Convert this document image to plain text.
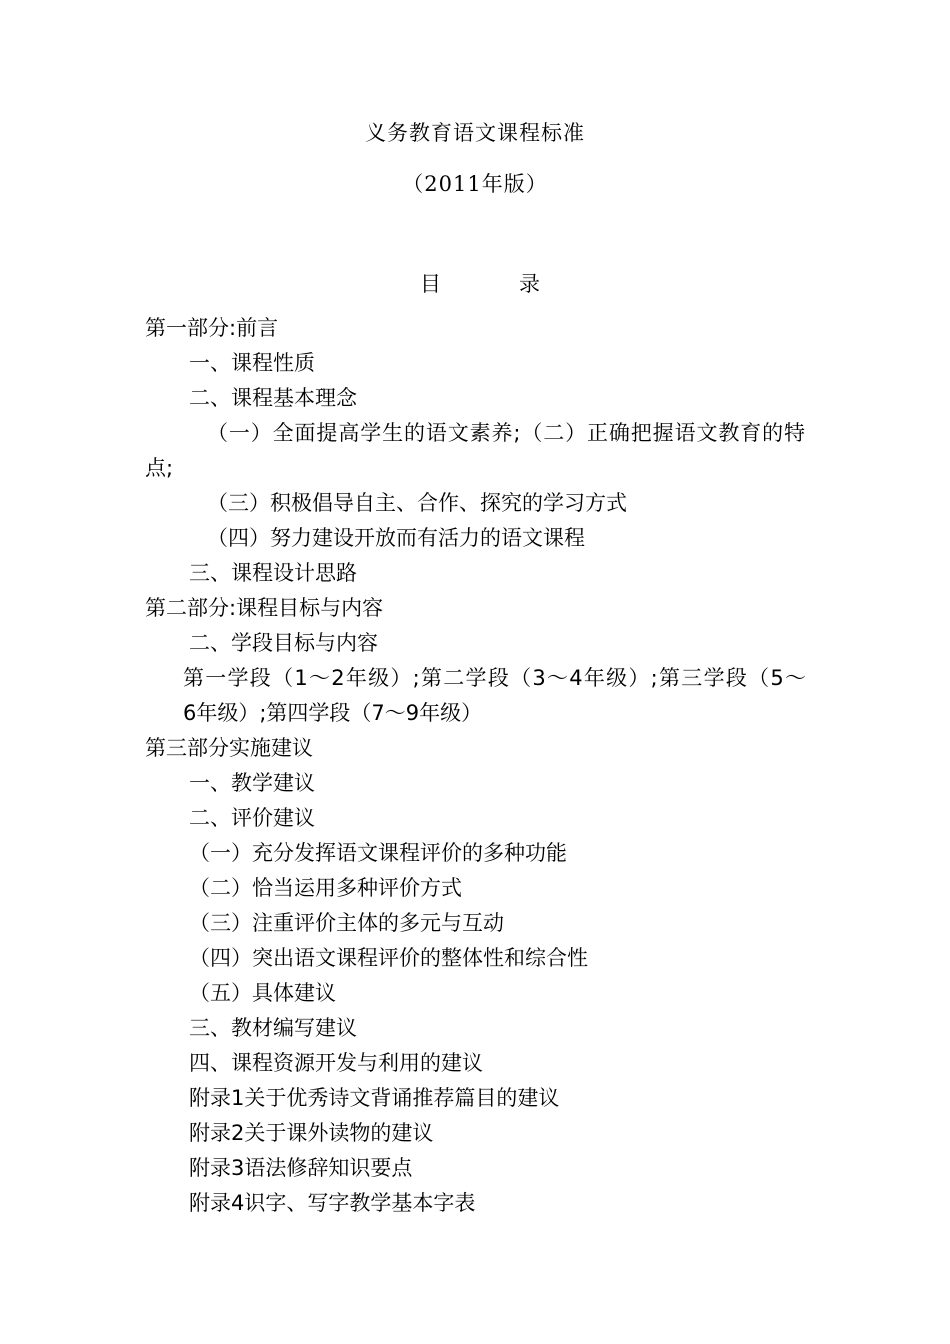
义务教育语文课程标准
（2011年版）
目	录
第一部分:前言
一、课程性质
二、课程基本理念
（一）全面提高学生的语文素养;（二）正确把握语文教育的特
点;
（三）积极倡导自主、合作、探究的学习方式
（四）努力建设开放而有活力的语文课程
三、课程设计思路
第二部分:课程目标与内容
二、学段目标与内容
第一学段（1～2年级）;第二学段（3～4年级）;第三学段（5～
6年级）;第四学段（7～9年级）
第三部分实施建议
一、教学建议
二、评价建议
（一）充分发挥语文课程评价的多种功能
（二）恰当运用多种评价方式
（三）注重评价主体的多元与互动
（四）突出语文课程评价的整体性和综合性
（五）具体建议
三、教材编写建议
四、课程资源开发与利用的建议
附录1关于优秀诗文背诵推荐篇目的建议
附录2关于课外读物的建议
附录3语法修辞知识要点
附录4识字、写字教学基本字表
